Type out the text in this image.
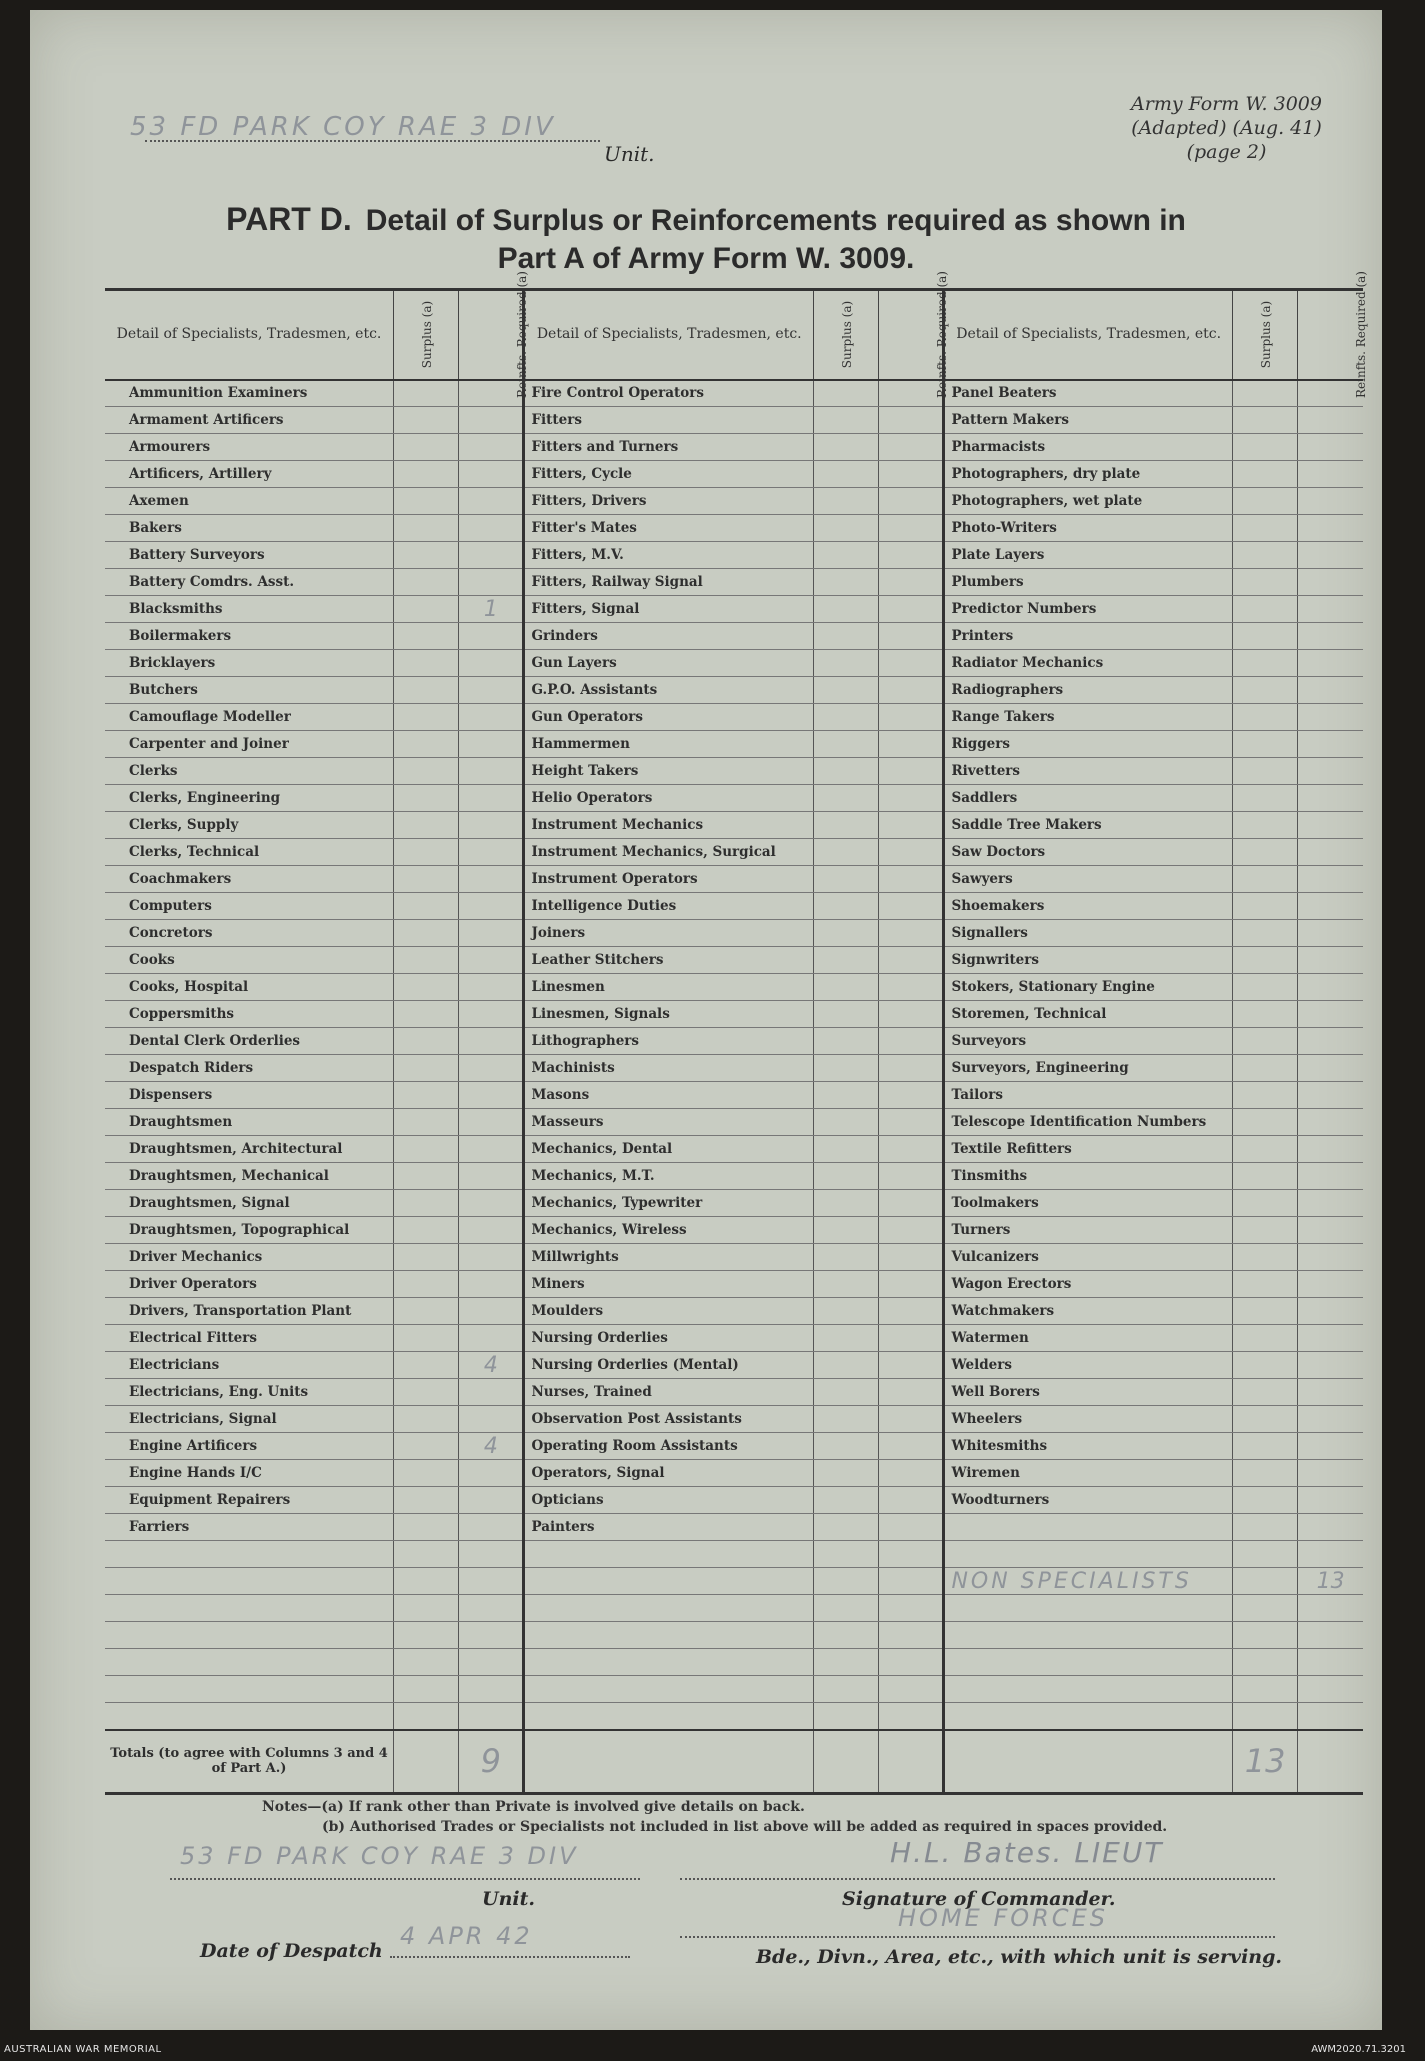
Army Form W. 3009
(Adapted) (Aug. 41)
(page 2)
53 FD PARK COY RAE 3 DIV
Unit.
PART D. Detail of Surplus or Reinforcements required as shown in
Part A of Army Form W. 3009.
Detail of Specialists, Tradesmen, etc.	Surplus (a)	Reinfts. Required (a)	Detail of Specialists, Tradesmen, etc.	Surplus (a)	Reinfts. Required (a)	Detail of Specialists, Tradesmen, etc.	Surplus (a)	Reinfts. Required (a)
Ammunition Examiners			Fire Control Operators			Panel Beaters		
Armament Artificers			Fitters			Pattern Makers		
Armourers			Fitters and Turners			Pharmacists		
Artificers, Artillery			Fitters, Cycle			Photographers, dry plate		
Axemen			Fitters, Drivers			Photographers, wet plate		
Bakers			Fitter's Mates			Photo-Writers		
Battery Surveyors			Fitters, M.V.			Plate Layers		
Battery Comdrs. Asst.			Fitters, Railway Signal			Plumbers		
Blacksmiths		1	Fitters, Signal			Predictor Numbers		
Boilermakers			Grinders			Printers		
Bricklayers			Gun Layers			Radiator Mechanics		
Butchers			G.P.O. Assistants			Radiographers		
Camouflage Modeller			Gun Operators			Range Takers		
Carpenter and Joiner			Hammermen			Riggers		
Clerks			Height Takers			Rivetters		
Clerks, Engineering			Helio Operators			Saddlers		
Clerks, Supply			Instrument Mechanics			Saddle Tree Makers		
Clerks, Technical			Instrument Mechanics, Surgical			Saw Doctors		
Coachmakers			Instrument Operators			Sawyers		
Computers			Intelligence Duties			Shoemakers		
Concretors			Joiners			Signallers		
Cooks			Leather Stitchers			Signwriters		
Cooks, Hospital			Linesmen			Stokers, Stationary Engine		
Coppersmiths			Linesmen, Signals			Storemen, Technical		
Dental Clerk Orderlies			Lithographers			Surveyors		
Despatch Riders			Machinists			Surveyors, Engineering		
Dispensers			Masons			Tailors		
Draughtsmen			Masseurs			Telescope Identification Numbers		
Draughtsmen, Architectural			Mechanics, Dental			Textile Refitters		
Draughtsmen, Mechanical			Mechanics, M.T.			Tinsmiths		
Draughtsmen, Signal			Mechanics, Typewriter			Toolmakers		
Draughtsmen, Topographical			Mechanics, Wireless			Turners		
Driver Mechanics			Millwrights			Vulcanizers		
Driver Operators			Miners			Wagon Erectors		
Drivers, Transportation Plant			Moulders			Watchmakers		
Electrical Fitters			Nursing Orderlies			Watermen		
Electricians		4	Nursing Orderlies (Mental)			Welders		
Electricians, Eng. Units			Nurses, Trained			Well Borers		
Electricians, Signal			Observation Post Assistants			Wheelers		
Engine Artificers		4	Operating Room Assistants			Whitesmiths		
Engine Hands I/C			Operators, Signal			Wiremen		
Equipment Repairers			Opticians			Woodturners		
Farriers			Painters					

						NON SPECIALISTS		13

Totals (to agree with Columns 3 and 4 of Part A.)		9					13	
Notes—(a) If rank other than Private is involved give details on back.
(b) Authorised Trades or Specialists not included in list above will be added as required in spaces provided.
53 FD PARK COY RAE 3 DIV
Unit.
H.L. Bates. LIEUT
Signature of Commander.
HOME FORCES
Bde., Divn., Area, etc., with which unit is serving.
Date of Despatch
4 APR 42
AUSTRALIAN WAR MEMORIAL	AWM2020.71.3201
